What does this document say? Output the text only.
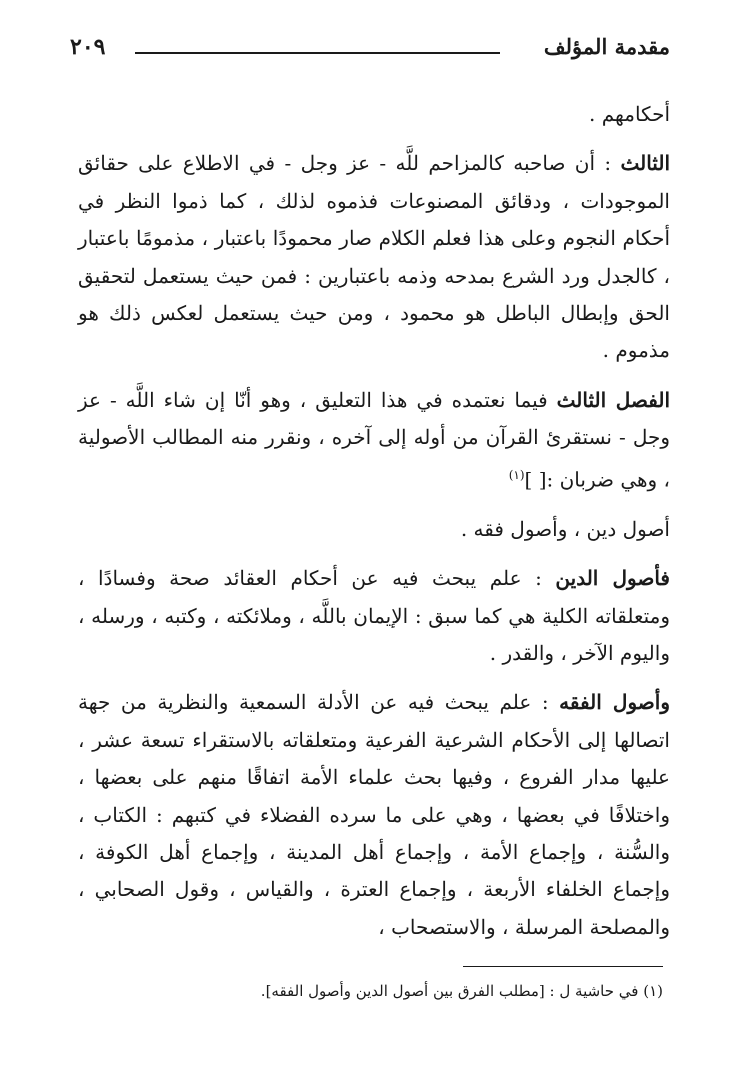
٢٠٩	مقدمة المؤلف

أحكامهم .

الثالث : أن صاحبه كالمزاحم للَّه - عز وجل - في الاطلاع على حقائق الموجودات ، ودقائق المصنوعات فذموه لذلك ، كما ذموا النظر في أحكام النجوم وعلى هذا فعلم الكلام صار محمودًا باعتبار ، مذمومًا باعتبار ، كالجدل ورد الشرع بمدحه وذمه باعتبارين : فمن حيث يستعمل لتحقيق الحق وإبطال الباطل هو محمود ، ومن حيث يستعمل لعكس ذلك هو مذموم .

الفصل الثالث فيما نعتمده في هذا التعليق ، وهو أنّا إن شاء اللَّه - عز وجل - نستقرئ القرآن من أوله إلى آخره ، ونقرر منه المطالب الأصولية ، وهي ضربان :[ ]$^{(١)}$

أصول دين ، وأصول فقه .

فأصول الدين : علم يبحث فيه عن أحكام العقائد صحة وفسادًا ، ومتعلقاته الكلية هي كما سبق : الإيمان باللَّه ، وملائكته ، وكتبه ، ورسله ، واليوم الآخر ، والقدر .

وأصول الفقه : علم يبحث فيه عن الأدلة السمعية والنظرية من جهة اتصالها إلى الأحكام الشرعية الفرعية ومتعلقاته بالاستقراء تسعة عشر ، عليها مدار الفروع ، وفيها بحث علماء الأمة اتفاقًا منهم على بعضها ، واختلافًا في بعضها ، وهي على ما سرده الفضلاء في كتبهم : الكتاب ، والسُّنة ، وإجماع الأمة ، وإجماع أهل المدينة ، وإجماع أهل الكوفة ، وإجماع الخلفاء الأربعة ، وإجماع العترة ، والقياس ، وقول الصحابي ، والمصلحة المرسلة ، والاستصحاب ،

(١) في حاشية ل : [مطلب الفرق بين أصول الدين وأصول الفقه].
